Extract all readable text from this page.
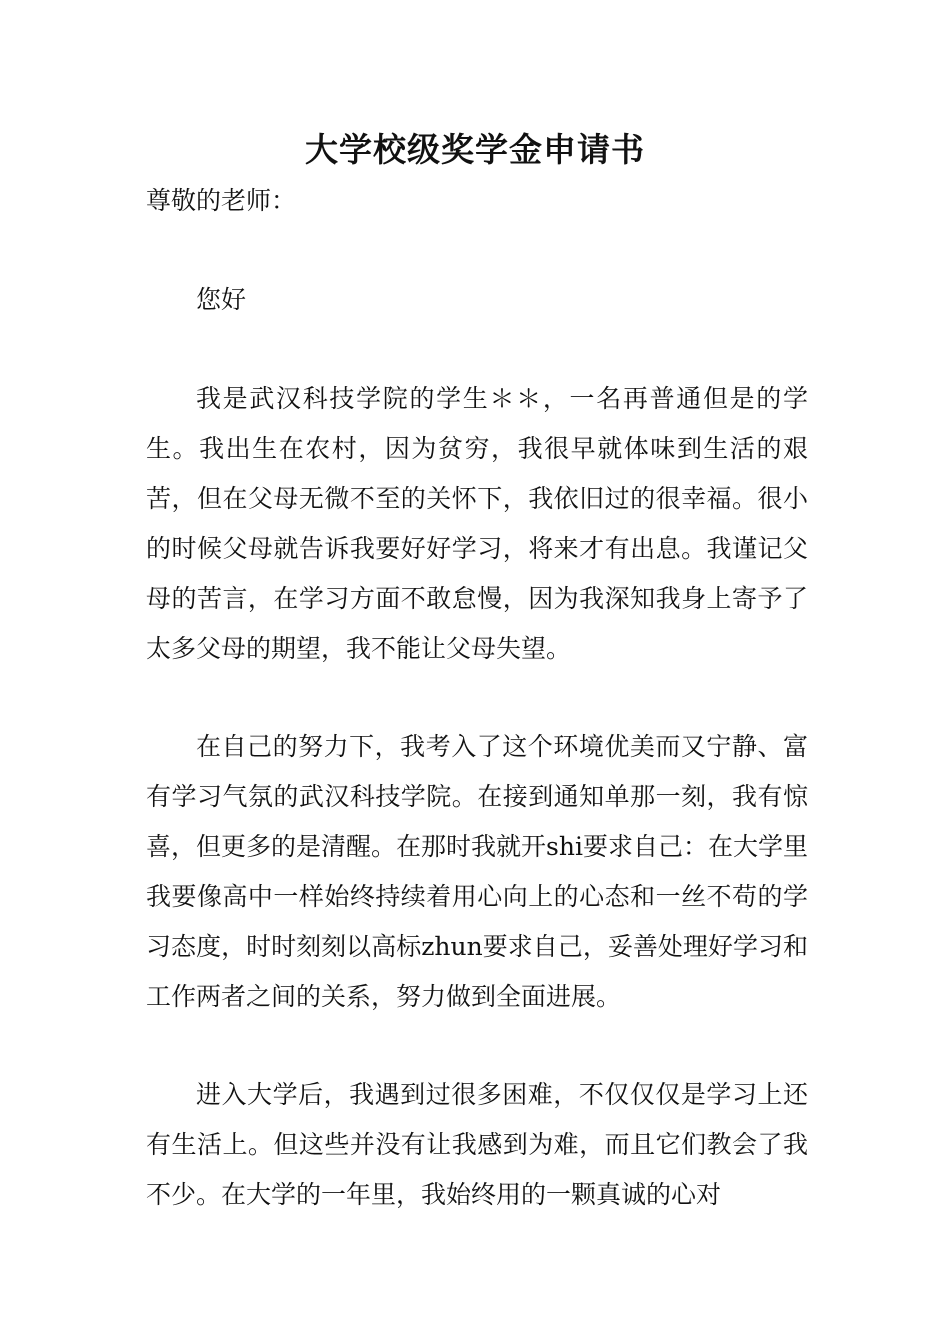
大学校级奖学金申请书
尊敬的老师：
您好

我是武汉科技学院的学生＊＊，一名再普通但是的学生。我出生在农村，因为贫穷，我很早就体味到生活的艰苦，但在父母无微不至的关怀下，我依旧过的很幸福。很小的时候父母就告诉我要好好学习，将来才有出息。我谨记父母的苦言，在学习方面不敢怠慢，因为我深知我身上寄予了太多父母的期望，我不能让父母失望。

在自己的努力下，我考入了这个环境优美而又宁静、富有学习气氛的武汉科技学院。在接到通知单那一刻，我有惊喜，但更多的是清醒。在那时我就开shi要求自己：在大学里我要像高中一样始终持续着用心向上的心态和一丝不苟的学习态度，时时刻刻以高标zhun要求自己，妥善处理好学习和工作两者之间的关系，努力做到全面进展。

进入大学后，我遇到过很多困难，不仅仅仅是学习上还有生活上。但这些并没有让我感到为难，而且它们教会了我不少。在大学的一年里，我始终用的一颗真诚的心对
